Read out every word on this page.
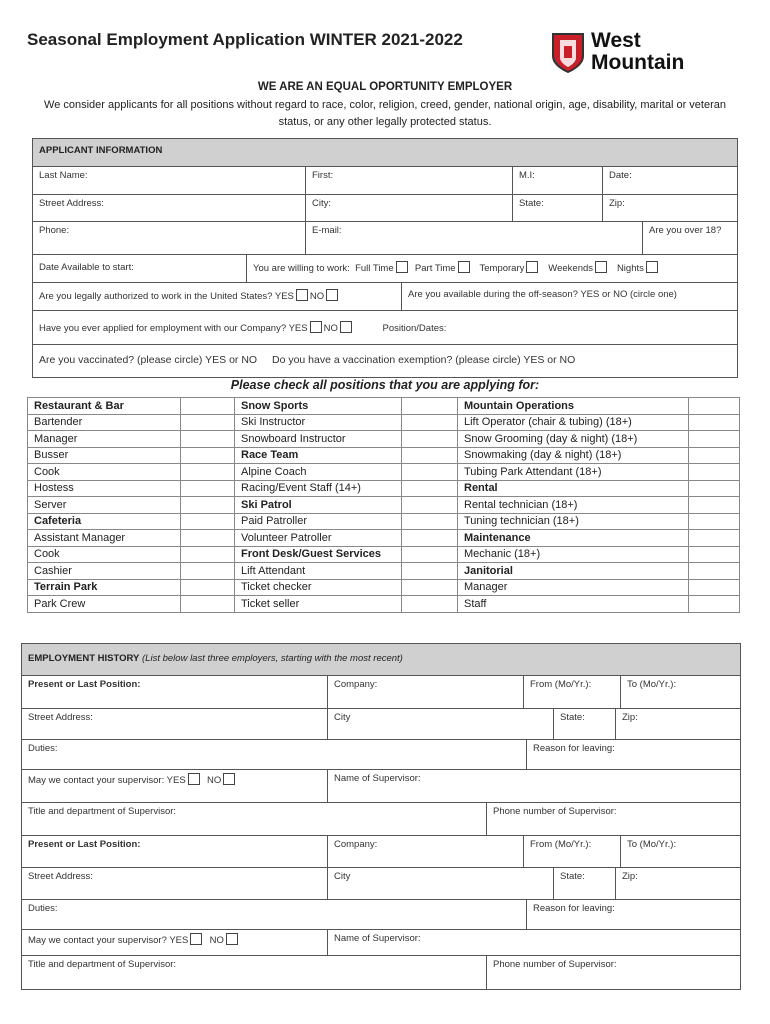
Seasonal Employment Application WINTER 2021-2022	West
Mountain
WE ARE AN EQUAL OPORTUNITY EMPLOYER
We consider applicants for all positions without regard to race, color, religion, creed, gender, national origin, age, disability, marital or veteran status, or any other legally protected status.
APPLICANT INFORMATION
Last Name:	First:	M.I:	Date:
Street Address:	City:	State:	Zip:
Phone:	E-mail:	Are you over 18?
Date Available to start:	You are willing to work: Full Time Part Time	Temporary	Weekends	Nights
Are you legally authorized to work in the United States? YES NO	Are you available during the off-season? YES or NO (circle one)
Have you ever applied for employment with our Company? YES NO	Position/Dates:
Are you vaccinated? (please circle) YES or NO Do you have a vaccination exemption? (please circle) YES or NO
Please check all positions that you are applying for:
Restaurant & Bar		Snow Sports		Mountain Operations	
Bartender		Ski Instructor		Lift Operator (chair & tubing) (18+)	
Manager		Snowboard Instructor		Snow Grooming (day & night) (18+)	
Busser		Race Team		Snowmaking (day & night) (18+)	
Cook		Alpine Coach		Tubing Park Attendant (18+)	
Hostess		Racing/Event Staff (14+)		Rental	
Server		Ski Patrol		Rental technician (18+)	
Cafeteria		Paid Patroller		Tuning technician (18+)	
Assistant Manager		Volunteer Patroller		Maintenance	
Cook		Front Desk/Guest Services		Mechanic (18+)	
Cashier		Lift Attendant		Janitorial	
Terrain Park		Ticket checker		Manager	
Park Crew		Ticket seller		Staff	
EMPLOYMENT HISTORY (List below last three employers, starting with the most recent)
Present or Last Position:	Company:	From (Mo/Yr.):	To (Mo/Yr.):
Street Address:	City	State:	Zip:
Duties:	Reason for leaving:
May we contact your supervisor: YES NO	Name of Supervisor:
Title and department of Supervisor:	Phone number of Supervisor:
Present or Last Position:	Company:	From (Mo/Yr.):	To (Mo/Yr.):
Street Address:	City	State:	Zip:
Duties:	Reason for leaving:
May we contact your supervisor? YES NO	Name of Supervisor:
Title and department of Supervisor:	Phone number of Supervisor:
